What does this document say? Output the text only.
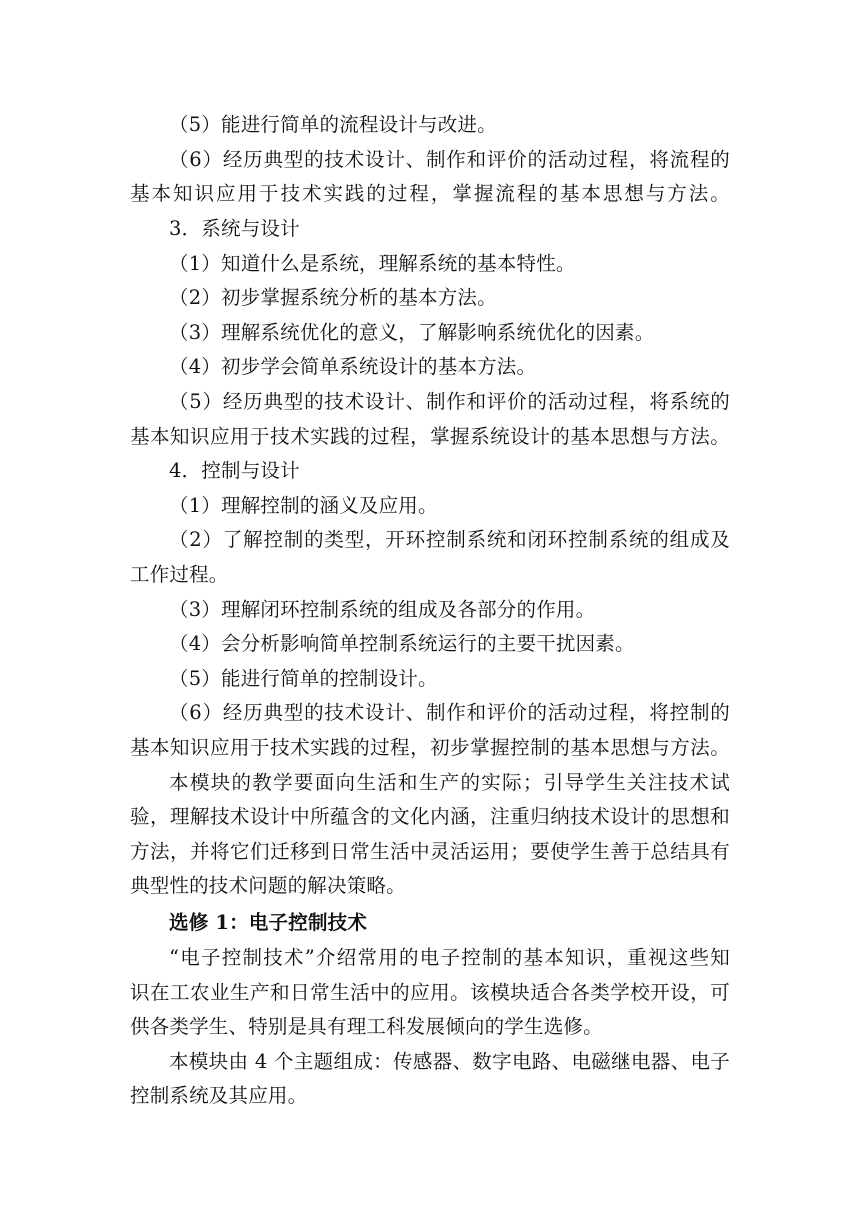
（5）能进行简单的流程设计与改进。
（6）经历典型的技术设计、制作和评价的活动过程，将流程的
基本知识应用于技术实践的过程，掌握流程的基本思想与方法。
3．系统与设计
（1）知道什么是系统，理解系统的基本特性。
（2）初步掌握系统分析的基本方法。
（3）理解系统优化的意义，了解影响系统优化的因素。
（4）初步学会简单系统设计的基本方法。
（5）经历典型的技术设计、制作和评价的活动过程，将系统的
基本知识应用于技术实践的过程，掌握系统设计的基本思想与方法。
4．控制与设计
（1）理解控制的涵义及应用。
（2）了解控制的类型，开环控制系统和闭环控制系统的组成及
工作过程。
（3）理解闭环控制系统的组成及各部分的作用。
（4）会分析影响简单控制系统运行的主要干扰因素。
（5）能进行简单的控制设计。
（6）经历典型的技术设计、制作和评价的活动过程，将控制的
基本知识应用于技术实践的过程，初步掌握控制的基本思想与方法。
本模块的教学要面向生活和生产的实际；引导学生关注技术试
验，理解技术设计中所蕴含的文化内涵，注重归纳技术设计的思想和
方法，并将它们迁移到日常生活中灵活运用；要使学生善于总结具有
典型性的技术问题的解决策略。
选修 1：电子控制技术
“电子控制技术”介绍常用的电子控制的基本知识，重视这些知
识在工农业生产和日常生活中的应用。该模块适合各类学校开设，可
供各类学生、特别是具有理工科发展倾向的学生选修。
本模块由 4 个主题组成：传感器、数字电路、电磁继电器、电子
控制系统及其应用。
